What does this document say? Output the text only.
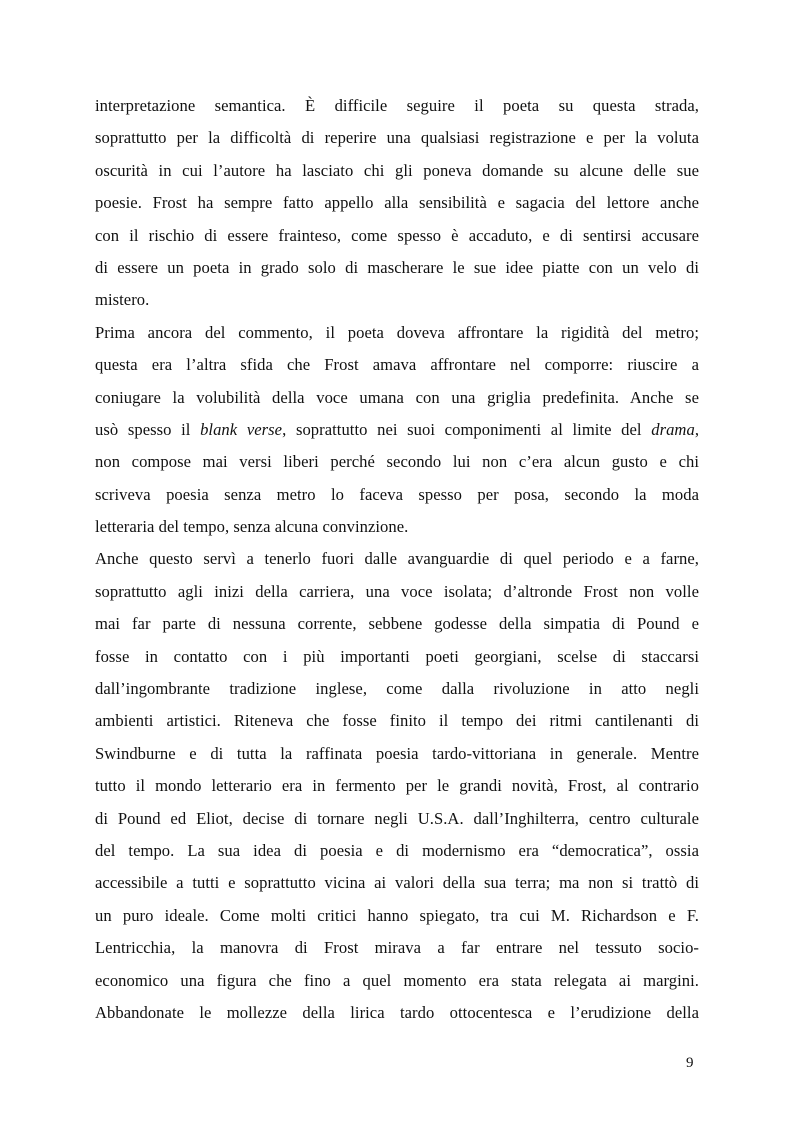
interpretazione semantica. È difficile seguire il poeta su questa strada,
soprattutto per la difficoltà di reperire una qualsiasi registrazione e per la voluta
oscurità in cui l’autore ha lasciato chi gli poneva domande su alcune delle sue
poesie. Frost ha sempre fatto appello alla sensibilità e sagacia del lettore anche
con il rischio di essere frainteso, come spesso è accaduto, e di sentirsi accusare
di essere un poeta in grado solo di mascherare le sue idee piatte con un velo di
mistero.
Prima ancora del commento, il poeta doveva affrontare la rigidità del metro;
questa era l’altra sfida che Frost amava affrontare nel comporre: riuscire a
coniugare la volubilità della voce umana con una griglia predefinita. Anche se
usò spesso il blank verse, soprattutto nei suoi componimenti al limite del drama,
non compose mai versi liberi perché secondo lui non c’era alcun gusto e chi
scriveva poesia senza metro lo faceva spesso per posa, secondo la moda
letteraria del tempo, senza alcuna convinzione.
Anche questo servì a tenerlo fuori dalle avanguardie di quel periodo e a farne,
soprattutto agli inizi della carriera, una voce isolata; d’altronde Frost non volle
mai far parte di nessuna corrente, sebbene godesse della simpatia di Pound e
fosse in contatto con i più importanti poeti georgiani, scelse di staccarsi
dall’ingombrante tradizione inglese, come dalla rivoluzione in atto negli
ambienti artistici. Riteneva che fosse finito il tempo dei ritmi cantilenanti di
Swindburne e di tutta la raffinata poesia tardo-vittoriana in generale. Mentre
tutto il mondo letterario era in fermento per le grandi novità, Frost, al contrario
di Pound ed Eliot, decise di tornare negli U.S.A. dall’Inghilterra, centro culturale
del tempo. La sua idea di poesia e di modernismo era “democratica”, ossia
accessibile a tutti e soprattutto vicina ai valori della sua terra; ma non si trattò di
un puro ideale. Come molti critici hanno spiegato, tra cui M. Richardson e F.
Lentricchia, la manovra di Frost mirava a far entrare nel tessuto socio-
economico una figura che fino a quel momento era stata relegata ai margini.
Abbandonate le mollezze della lirica tardo ottocentesca e l’erudizione della
9
